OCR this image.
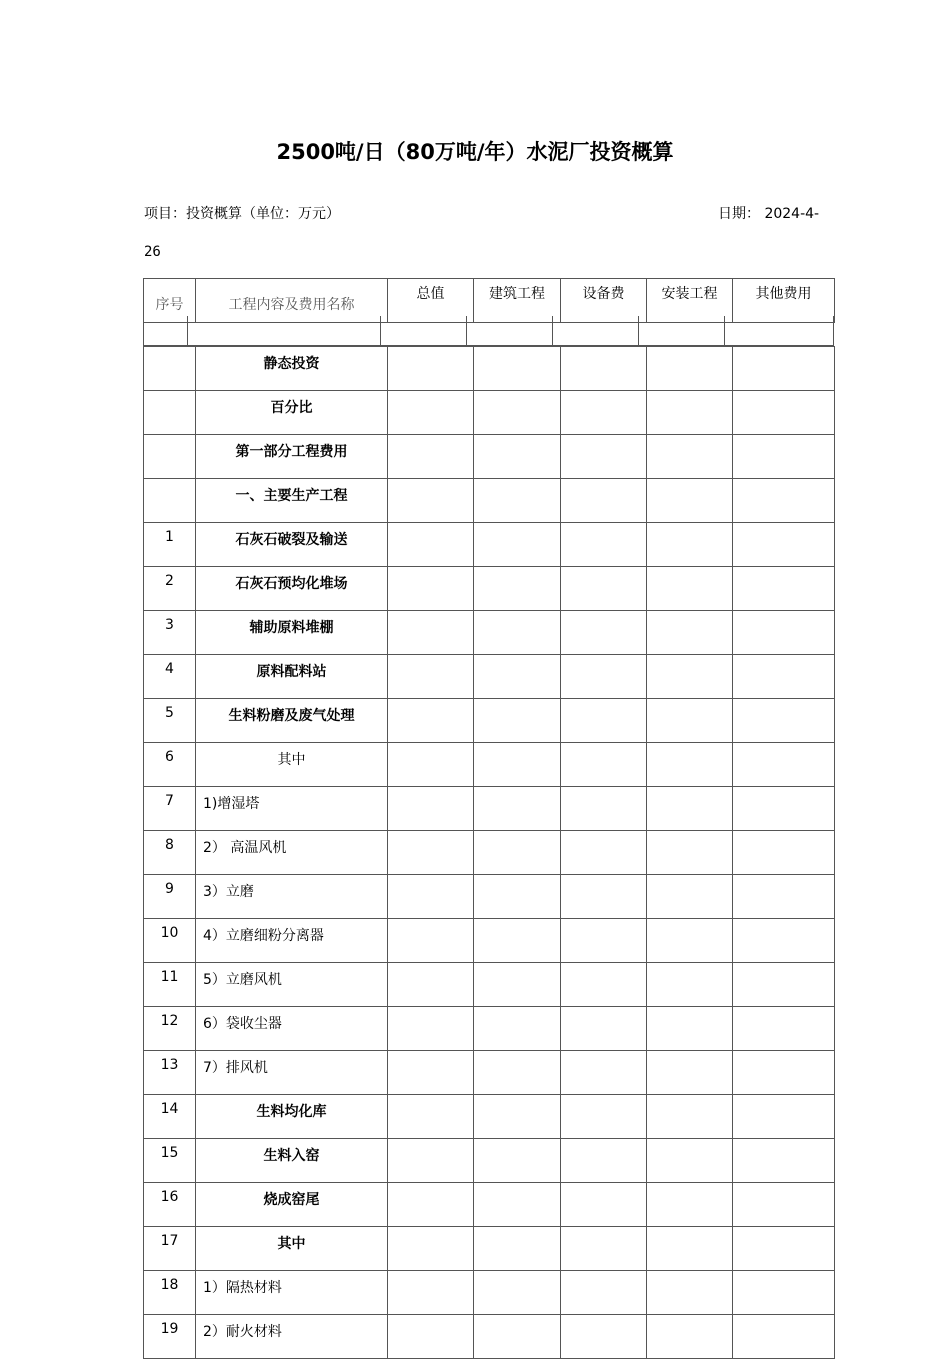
2500吨/日（80万吨/年）水泥厂投资概算
项目：投资概算（单位：万元）	日期： 2024-4-
26
序号	工程内容及费用名称	总值	建筑工程	设备费	安装工程	其他费用
	静态投资					
	百分比					
	第一部分工程费用					
	一、主要生产工程					
1	石灰石破裂及输送					
2	石灰石预均化堆场					
3	辅助原料堆棚					
4	原料配料站					
5	生料粉磨及废气处理					
6	其中					
7	1)增湿塔					
8	2） 高温风机					
9	3）立磨					
10	4）立磨细粉分离器					
11	5）立磨风机					
12	6）袋收尘器					
13	7）排风机					
14	生料均化库					
15	生料入窑					
16	烧成窑尾					
17	其中					
18	1）隔热材料					
19	2）耐火材料					
